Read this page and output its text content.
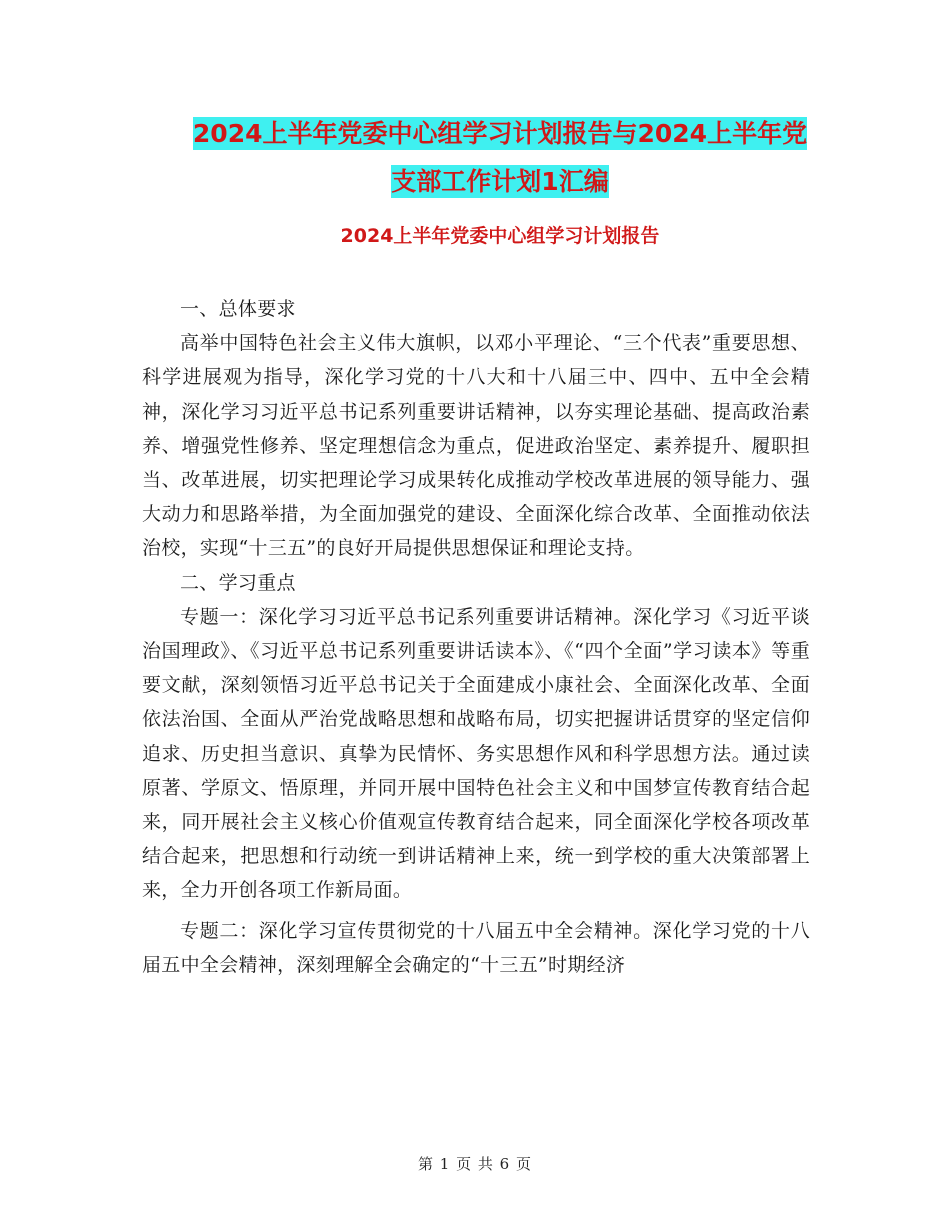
2024上半年党委中心组学习计划报告与2024上半年党
支部工作计划1汇编
2024上半年党委中心组学习计划报告

一、总体要求

高举中国特色社会主义伟大旗帜，以邓小平理论、“三个代表”重要思想、科学进展观为指导，深化学习党的十八大和十八届三中、四中、五中全会精神，深化学习习近平总书记系列重要讲话精神，以夯实理论基础、提高政治素养、增强党性修养、坚定理想信念为重点，促进政治坚定、素养提升、履职担当、改革进展，切实把理论学习成果转化成推动学校改革进展的领导能力、强大动力和思路举措，为全面加强党的建设、全面深化综合改革、全面推动依法治校，实现“十三五”的良好开局提供思想保证和理论支持。

二、学习重点

专题一：深化学习习近平总书记系列重要讲话精神。深化学习《习近平谈治国理政》、《习近平总书记系列重要讲话读本》、《“四个全面”学习读本》等重要文献，深刻领悟习近平总书记关于全面建成小康社会、全面深化改革、全面依法治国、全面从严治党战略思想和战略布局，切实把握讲话贯穿的坚定信仰追求、历史担当意识、真挚为民情怀、务实思想作风和科学思想方法。通过读原著、学原文、悟原理，并同开展中国特色社会主义和中国梦宣传教育结合起来，同开展社会主义核心价值观宣传教育结合起来，同全面深化学校各项改革结合起来，把思想和行动统一到讲话精神上来，统一到学校的重大决策部署上来，全力开创各项工作新局面。

专题二：深化学习宣传贯彻党的十八届五中全会精神。深化学习党的十八届五中全会精神，深刻理解全会确定的“十三五”时期经济

第 1 页 共 6 页
